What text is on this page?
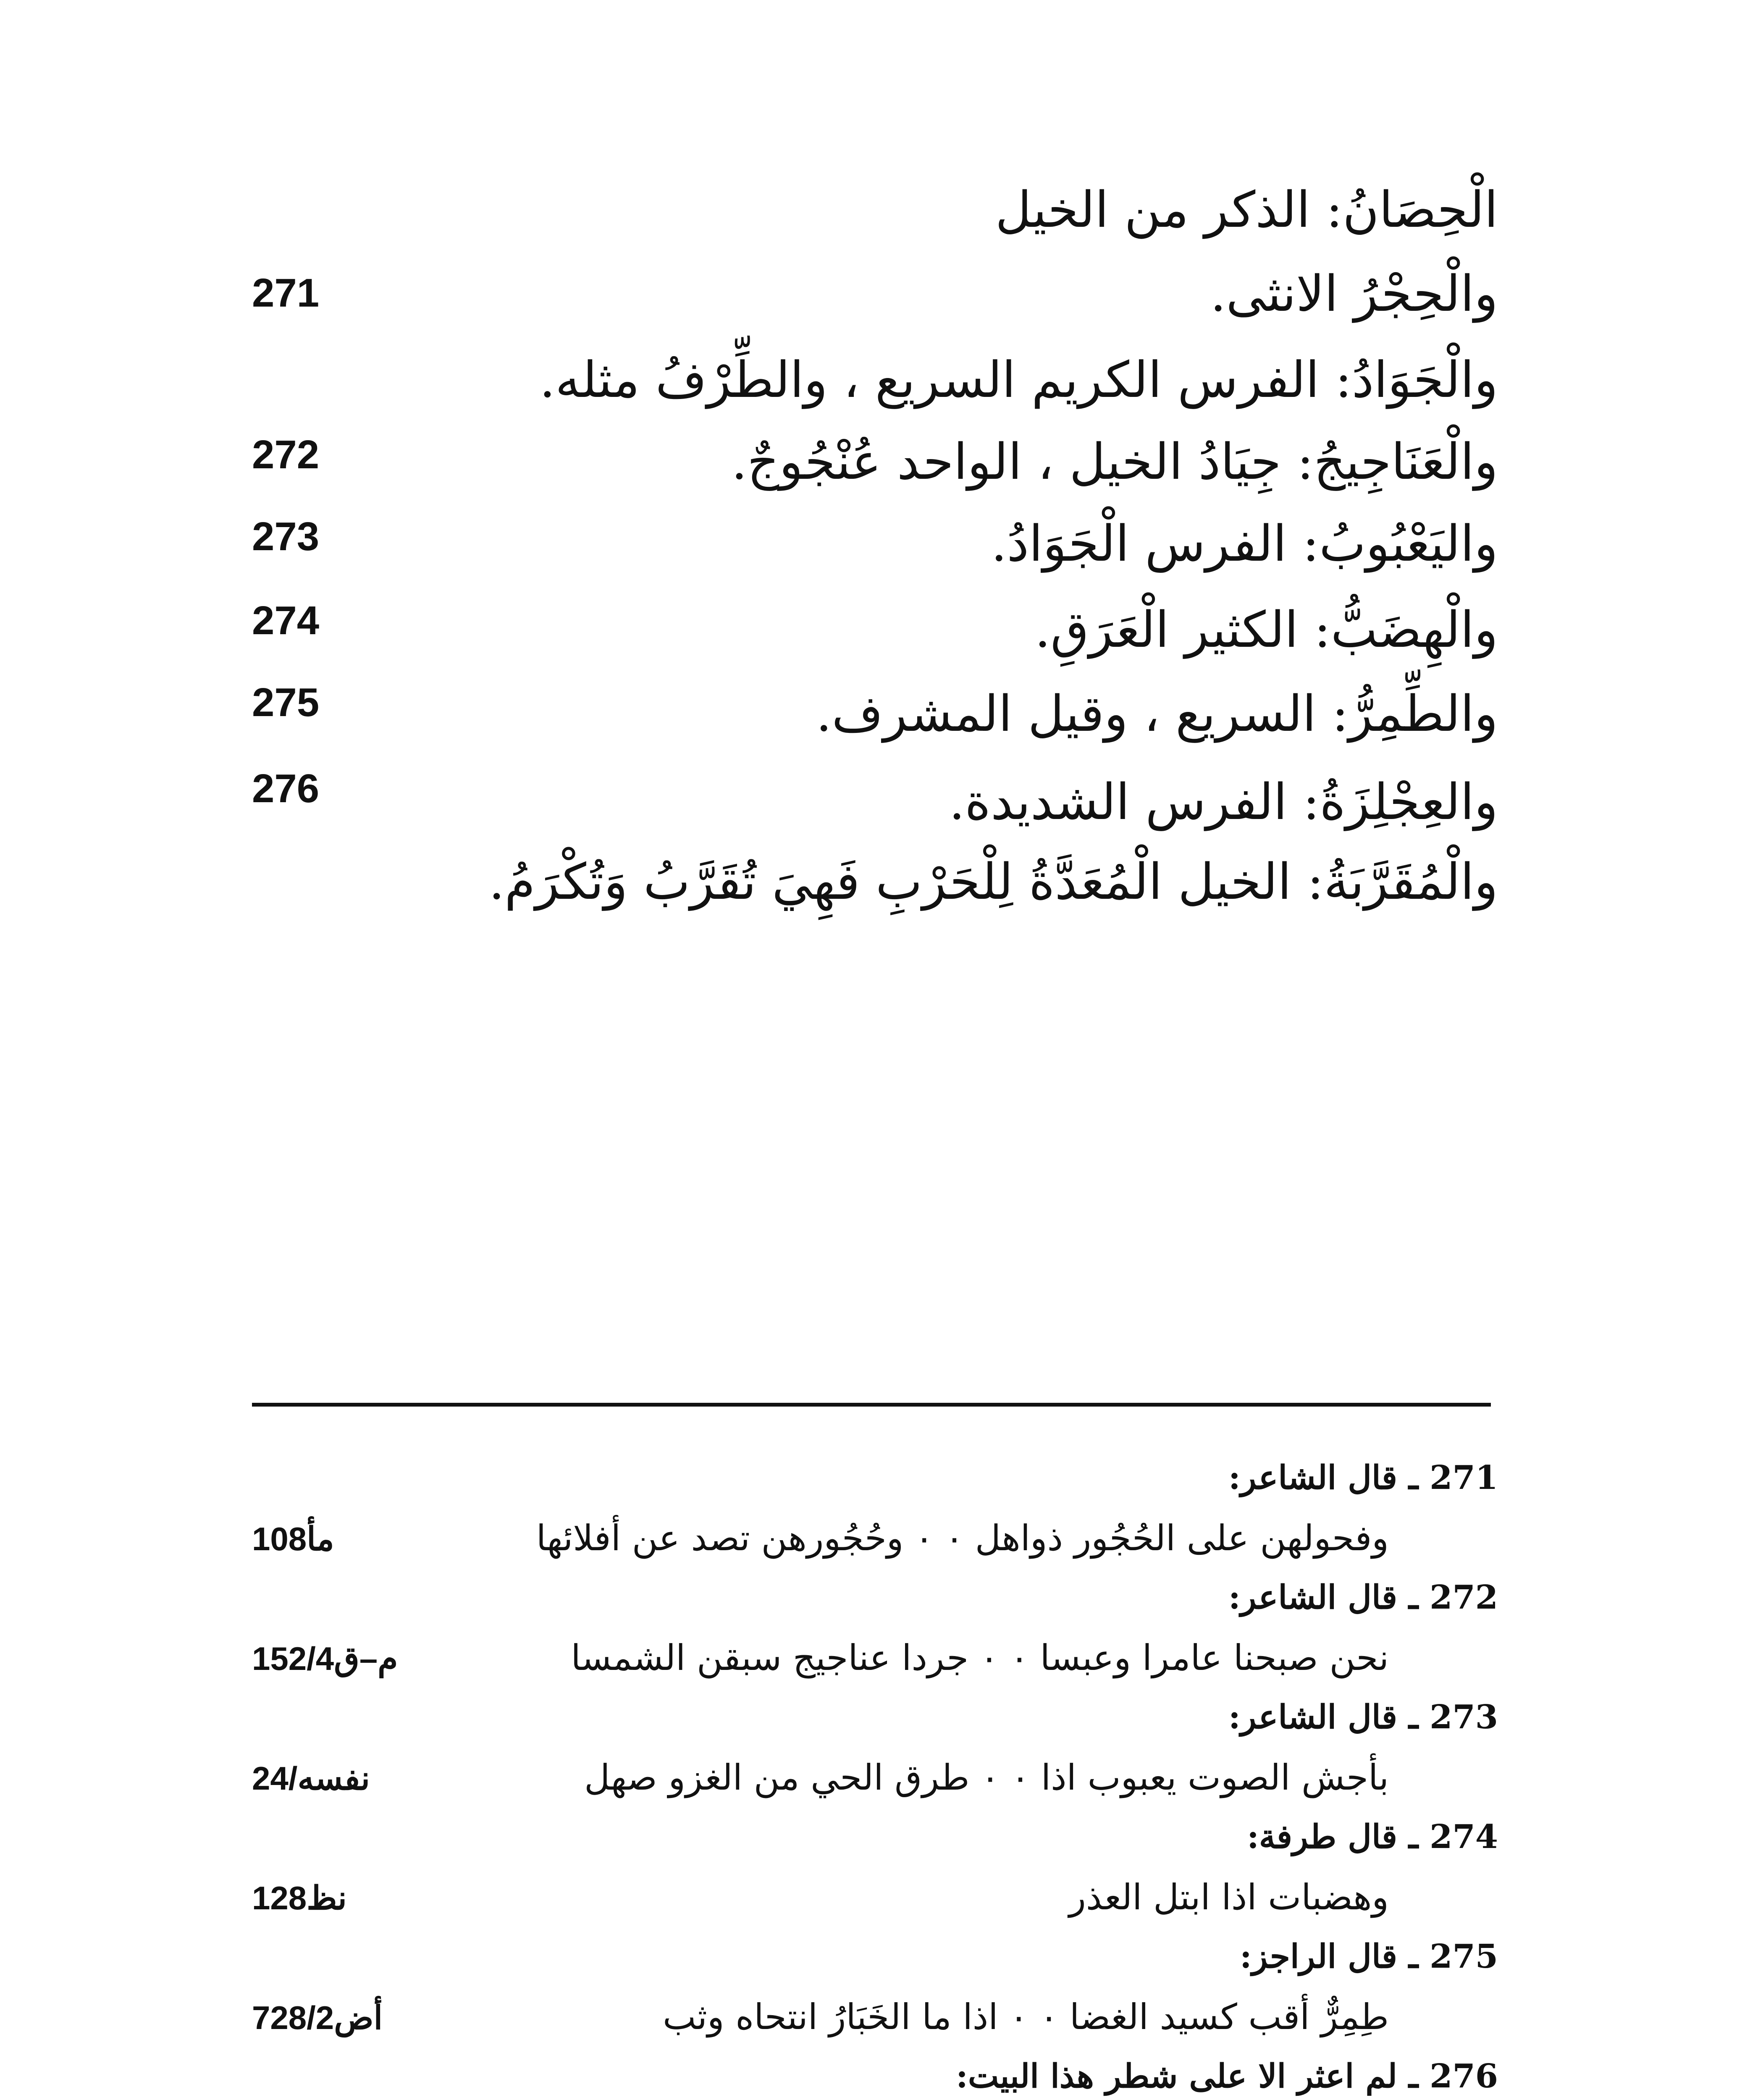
الْحِصَانُ: الذكر من الخيل
والْحِجْرُ الانثى.
271
والْجَوَادُ: الفرس الكريم السريع ، والطِّرْفُ مثله.
والْعَنَاجِيجُ: جِيَادُ الخيل ، الواحد عُنْجُوجٌ.
272
واليَعْبُوبُ: الفرس الْجَوَادُ.
273
والْهِضَبُّ: الكثير الْعَرَقِ.
274
والطِّمِرُّ: السريع ، وقيل المشرف.
275
والعِجْلِزَةُ: الفرس الشديدة.
276
والْمُقَرَّبَةُ: الخيل الْمُعَدَّةُ لِلْحَرْبِ فَهِيَ تُقَرَّبُ وَتُكْرَمُ.
271 ـ قال الشاعر:
وفحولهن على الحُجُور ذواهل ٠ ٠ وحُجُورهن تصد عن أفلائها
108مأ
272 ـ قال الشاعر:
نحن صبحنا عامرا وعبسا ٠ ٠ جردا عناجيج سبقن الشمسا
152/4م–ق
273 ـ قال الشاعر:
بأجش الصوت يعبوب اذا ٠ ٠ طرق الحي من الغزو صهل
24/نفسه
274 ـ قال طرفة:
وهضبات اذا ابتل العذر
128نظ
275 ـ قال الراجز:
طِمِرٌّ أقب كسيد الغضا ٠ ٠ اذا ما الخَبَارُ انتحاه وثب
728/2أض
276 ـ لم اعثر الا على شطر هذا البيت:
